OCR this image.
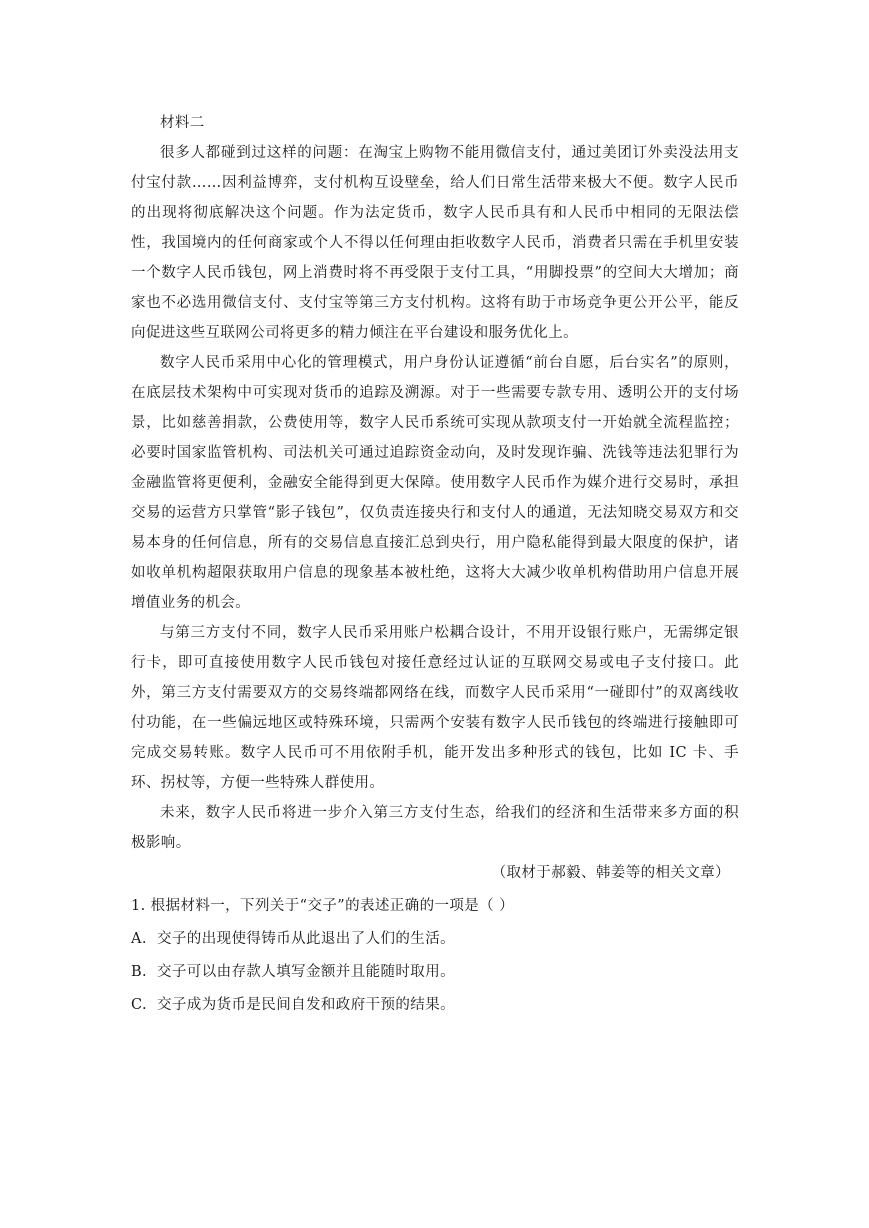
材料二

很多人都碰到过这样的问题：在淘宝上购物不能用微信支付，通过美团订外卖没法用支付宝付款……因利益博弈，支付机构互设壁垒，给人们日常生活带来极大不便。数字人民币的出现将彻底解决这个问题。作为法定货币，数字人民币具有和人民币中相同的无限法偿性，我国境内的任何商家或个人不得以任何理由拒收数字人民币，消费者只需在手机里安装一个数字人民币钱包，网上消费时将不再受限于支付工具，“用脚投票”的空间大大增加；商家也不必选用微信支付、支付宝等第三方支付机构。这将有助于市场竞争更公开公平，能反向促进这些互联网公司将更多的精力倾注在平台建设和服务优化上。

数字人民币采用中心化的管理模式，用户身份认证遵循“前台自愿，后台实名”的原则，在底层技术架构中可实现对货币的追踪及溯源。对于一些需要专款专用、透明公开的支付场景，比如慈善捐款，公费使用等，数字人民币系统可实现从款项支付一开始就全流程监控；必要时国家监管机构、司法机关可通过追踪资金动向，及时发现诈骗、洗钱等违法犯罪行为金融监管将更便利，金融安全能得到更大保障。使用数字人民币作为媒介进行交易时，承担交易的运营方只掌管“影子钱包”，仅负责连接央行和支付人的通道，无法知晓交易双方和交易本身的任何信息，所有的交易信息直接汇总到央行，用户隐私能得到最大限度的保护，诸如收单机构超限获取用户信息的现象基本被杜绝，这将大大减少收单机构借助用户信息开展增值业务的机会。

与第三方支付不同，数字人民币采用账户松耦合设计，不用开设银行账户，无需绑定银行卡，即可直接使用数字人民币钱包对接任意经过认证的互联网交易或电子支付接口。此外，第三方支付需要双方的交易终端都网络在线，而数字人民币采用“一碰即付”的双离线收付功能，在一些偏远地区或特殊环境，只需两个安装有数字人民币钱包的终端进行接触即可完成交易转账。数字人民币可不用依附手机，能开发出多种形式的钱包，比如 IC 卡、手环、拐杖等，方便一些特殊人群使用。

未来，数字人民币将进一步介入第三方支付生态，给我们的经济和生活带来多方面的积极影响。

（取材于郝毅、韩姜等的相关文章）

1. 根据材料一，下列关于“交子”的表述正确的一项是（ ）

A. 交子的出现使得铸币从此退出了人们的生活。

B. 交子可以由存款人填写金额并且能随时取用。

C. 交子成为货币是民间自发和政府干预的结果。
